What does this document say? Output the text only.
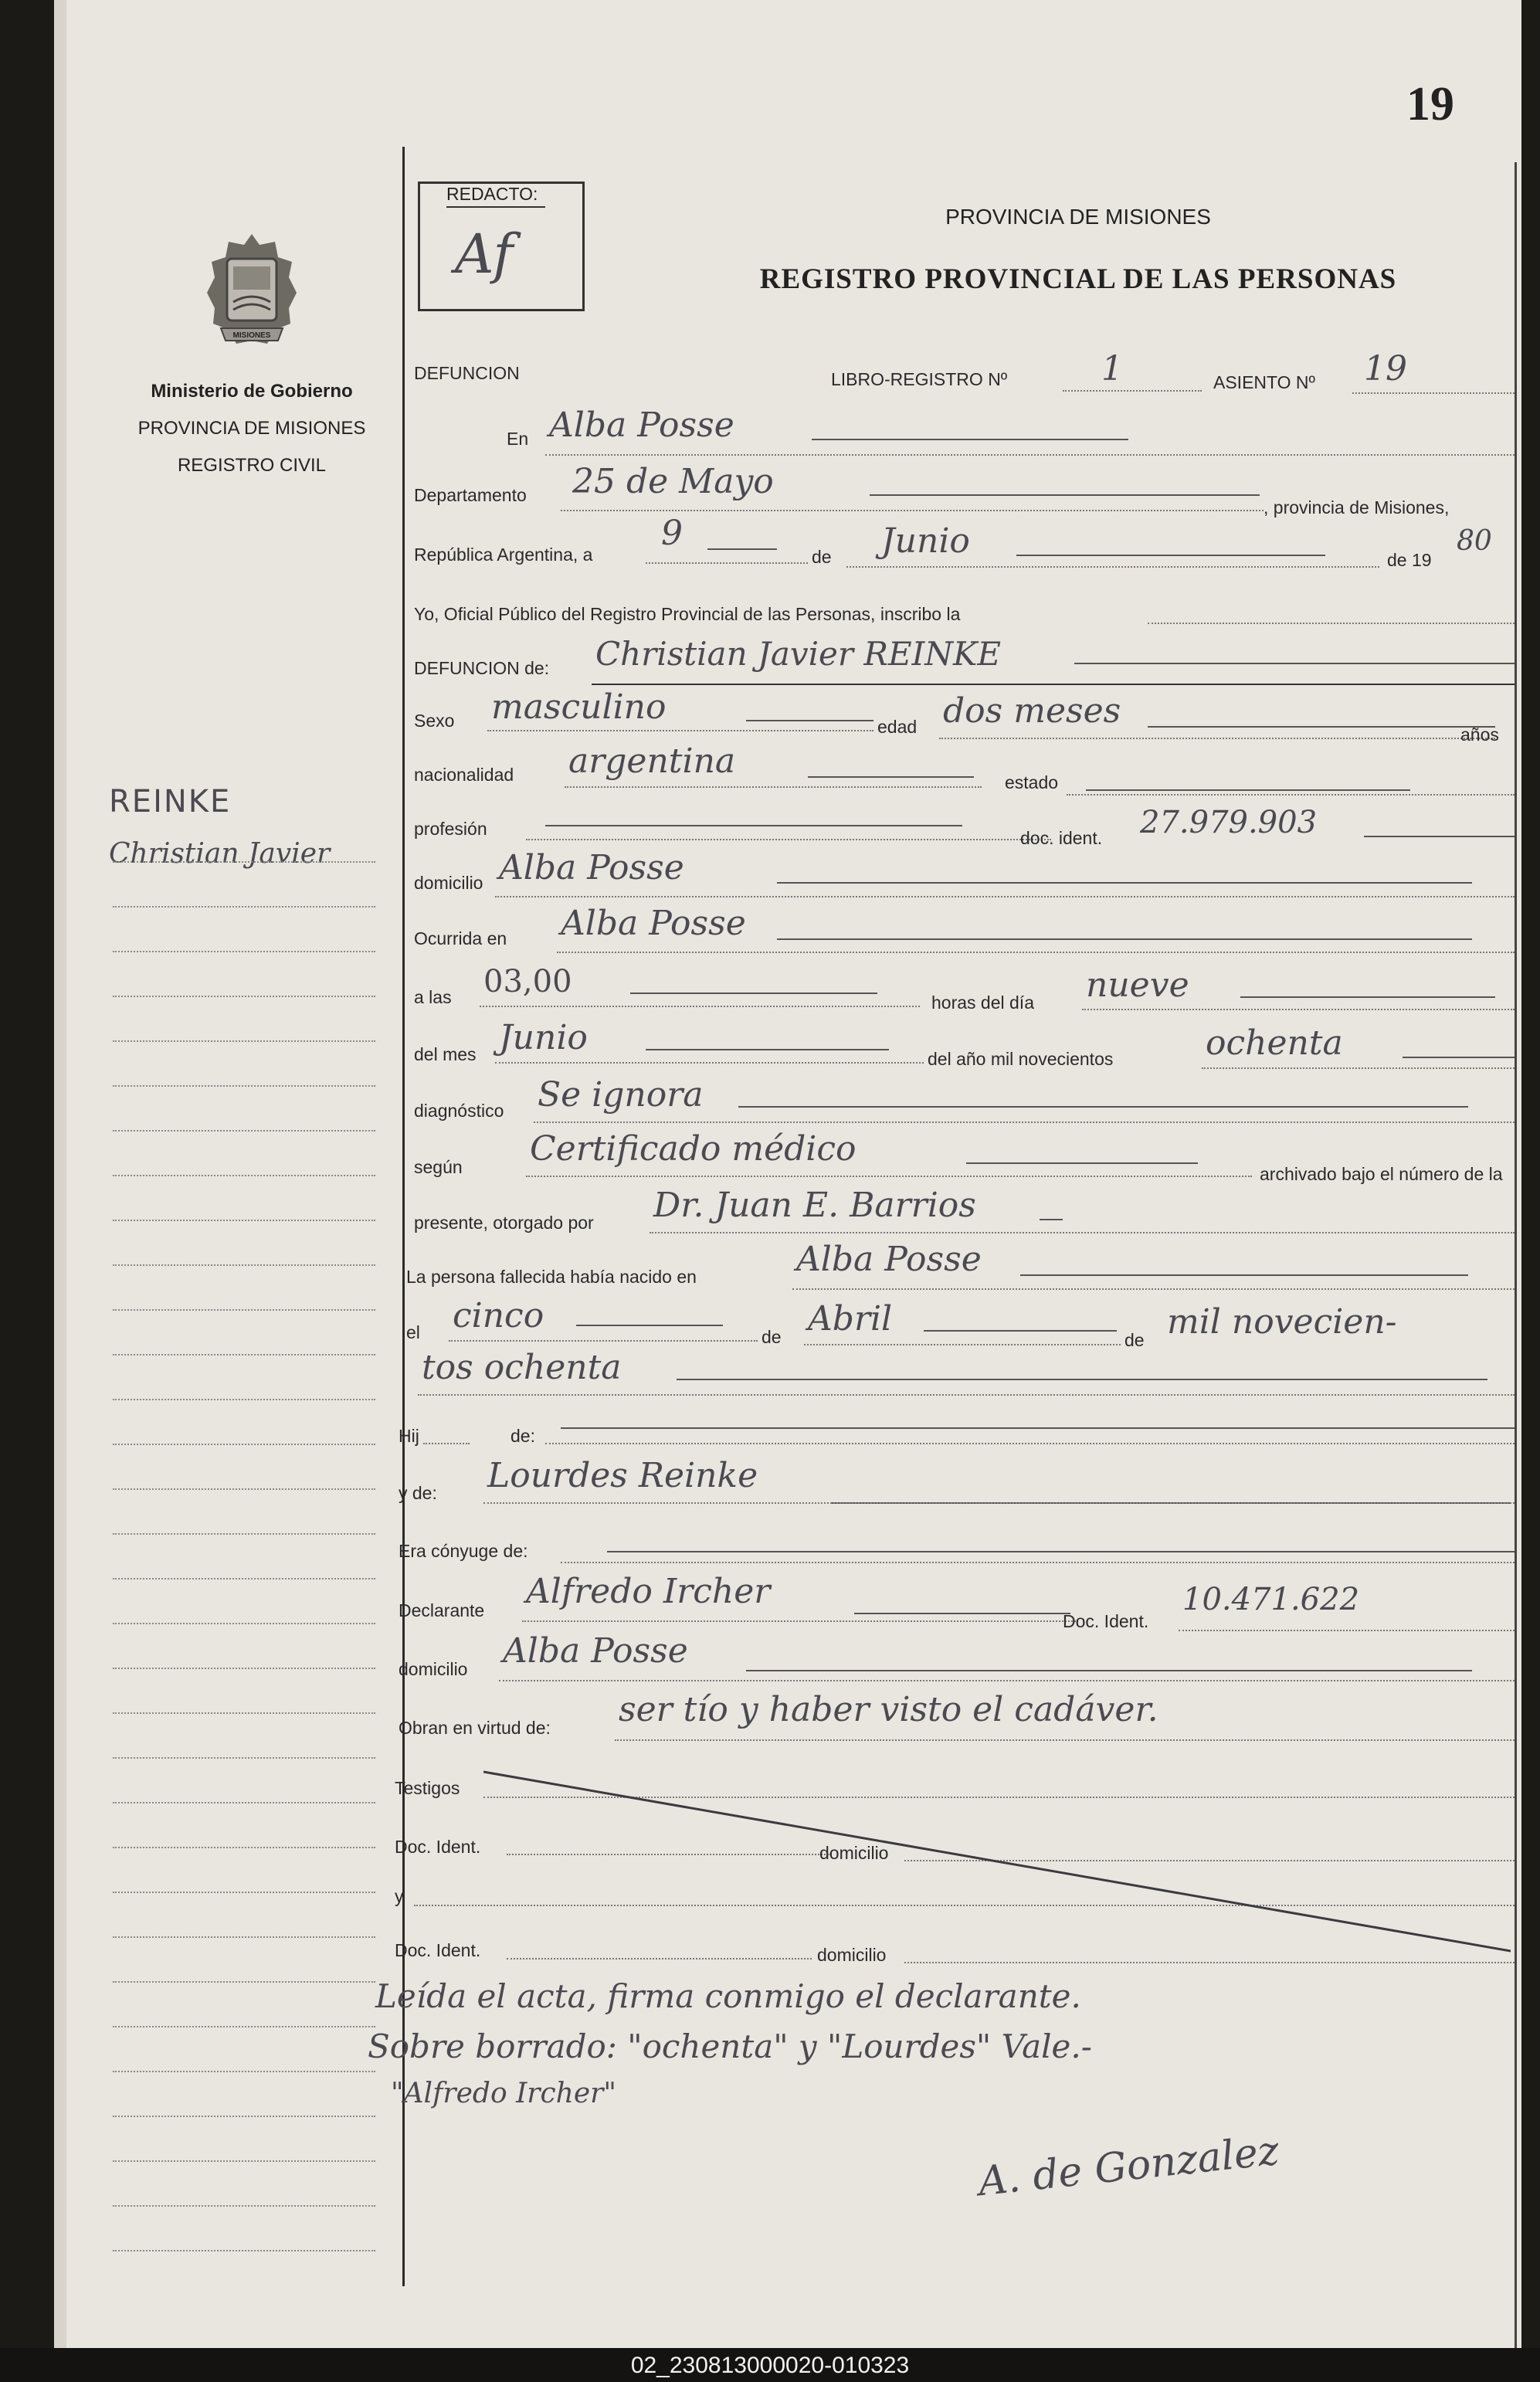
19
MISIONES
Ministerio de Gobierno
PROVINCIA DE MISIONES
REGISTRO CIVIL
REINKE
Christian Javier
REDACTO:
Af
PROVINCIA DE MISIONES
REGISTRO PROVINCIAL DE LAS PERSONAS
DEFUNCION	LIBRO-REGISTRO Nº	1	ASIENTO Nº 19
En Alba Posse
Departamento 25 de Mayo
, provincia de Misiones,
República Argentina, a
9
de Junio	de 19
80
Yo, Oficial Público del Registro Provincial de las Personas, inscribo la
DEFUNCION de: Christian Javier REINKE
Sexo masculino	edad dos meses
años
nacionalidad argentina
estado
profesión	doc. ident. 27.979.903
domicilio Alba Posse
Ocurrida en Alba Posse
a las 03,00
horas del día nueve
del mes Junio
del año mil novecientos	ochenta
diagnóstico Se ignora
según Certificado médico
archivado bajo el número de la
presente, otorgado por Dr. Juan E. Barrios
La persona fallecida había nacido en	Alba Posse
el cinco
de Abril
de mil novecien-
tos ochenta
Hij	de:
y de: Lourdes Reinke
Era cónyuge de:
Declarante Alfredo Ircher
Doc. Ident.
10.471.622
domicilio Alba Posse
Obran en virtud de: ser tío y haber visto el cadáver.
Testigos
Doc. Ident.	domicilio
y
Doc. Ident.	domicilio
Leída el acta, firma conmigo el declarante.
Sobre borrado: "ochenta" y "Lourdes" Vale.-
"Alfredo Ircher"
A. de Gonzalez
02_230813000020-010323
